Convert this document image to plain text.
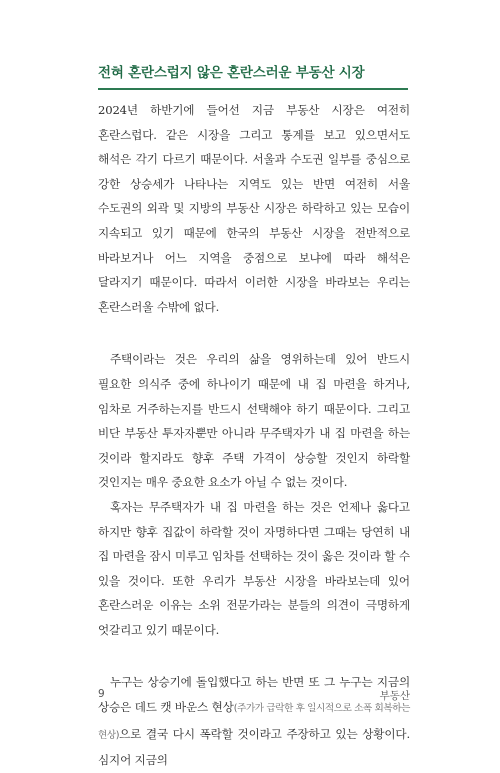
전혀 혼란스럽지 않은 혼란스러운 부동산 시장

2024년 하반기에 들어선 지금 부동산 시장은 여전히 혼란스럽다. 같은 시장을 그리고 통계를 보고 있으면서도 해석은 각기 다르기 때문이다. 서울과 수도권 일부를 중심으로 강한 상승세가 나타나는 지역도 있는 반면 여전히 서울 수도권의 외곽 및 지방의 부동산 시장은 하락하고 있는 모습이 지속되고 있기 때문에 한국의 부동산 시장을 전반적으로 바라보거나 어느 지역을 중점으로 보냐에 따라 해석은 달라지기 때문이다. 따라서 이러한 시장을 바라보는 우리는 혼란스러울 수밖에 없다.

주택이라는 것은 우리의 삶을 영위하는데 있어 반드시 필요한 의식주 중에 하나이기 때문에 내 집 마련을 하거나, 임차로 거주하는지를 반드시 선택해야 하기 때문이다. 그리고 비단 부동산 투자자뿐만 아니라 무주택자가 내 집 마련을 하는 것이라 할지라도 향후 주택 가격이 상승할 것인지 하락할 것인지는 매우 중요한 요소가 아닐 수 없는 것이다.

혹자는 무주택자가 내 집 마련을 하는 것은 언제나 옳다고 하지만 향후 집값이 하락할 것이 자명하다면 그때는 당연히 내 집 마련을 잠시 미루고 임차를 선택하는 것이 옳은 것이라 할 수 있을 것이다. 또한 우리가 부동산 시장을 바라보는데 있어 혼란스러운 이유는 소위 전문가라는 분들의 의견이 극명하게 엇갈리고 있기 때문이다.

누구는 상승기에 돌입했다고 하는 반면 또 그 누구는 지금의 상승은 데드 캣 바운스 현상(주가가 급락한 후 일시적으로 소폭 회복하는 현상)으로 결국 다시 폭락할 것이라고 주장하고 있는 상황이다. 심지어 지금의

9	부동산
